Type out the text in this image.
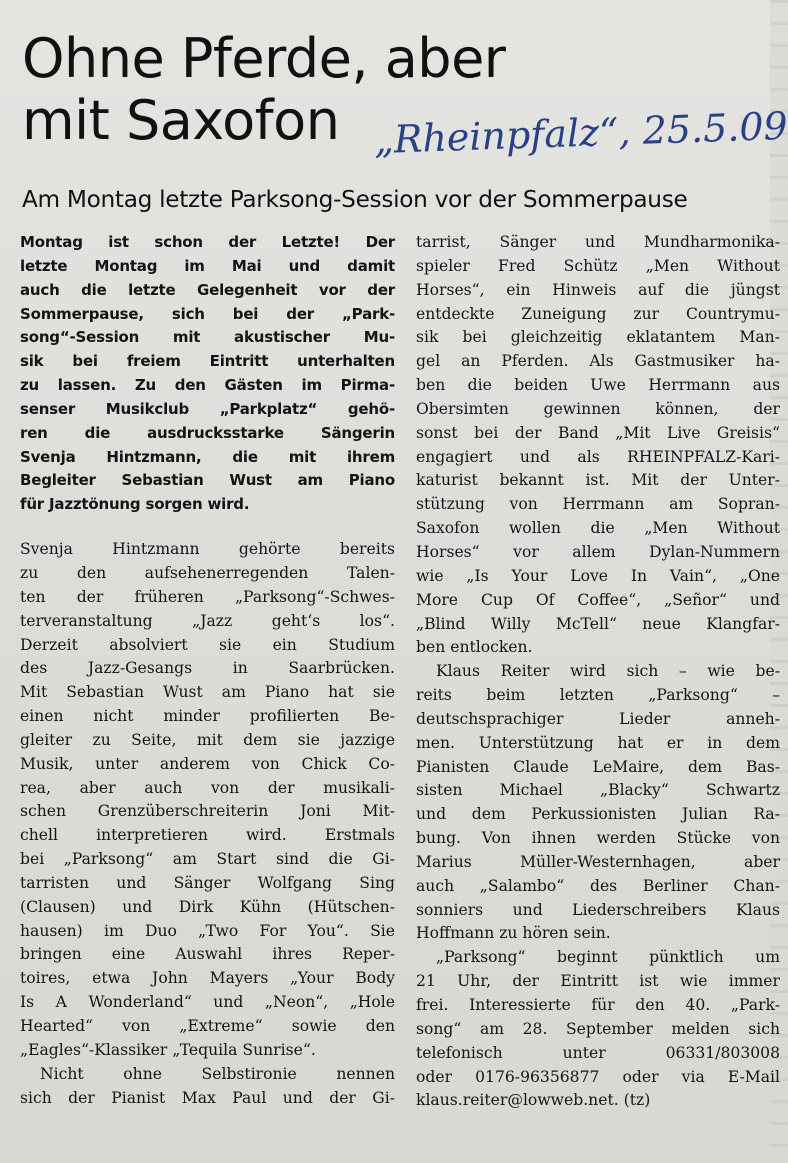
Ohne Pferde, aber
mit Saxofon „Rheinpfalz“, 25.5.09
Am Montag letzte Parksong-Session vor der Sommerpause
Montag ist schon der Letzte! Der
letzte Montag im Mai und damit
auch die letzte Gelegenheit vor der
Sommerpause, sich bei der „Park-
song“-Session mit akustischer Mu-
sik bei freiem Eintritt unterhalten
zu lassen. Zu den Gästen im Pirma-
senser Musikclub „Parkplatz“ gehö-
ren die ausdrucksstarke Sängerin
Svenja Hintzmann, die mit ihrem
Begleiter Sebastian Wust am Piano
für Jazztönung sorgen wird.
Svenja Hintzmann gehörte bereits
zu den aufsehenerregenden Talen-
ten der früheren „Parksong“-Schwes-
terveranstaltung „Jazz geht‘s los“.
Derzeit absolviert sie ein Studium
des Jazz-Gesangs in Saarbrücken.
Mit Sebastian Wust am Piano hat sie
einen nicht minder profilierten Be-
gleiter zu Seite, mit dem sie jazzige
Musik, unter anderem von Chick Co-
rea, aber auch von der musikali-
schen Grenzüberschreiterin Joni Mit-
chell interpretieren wird. Erstmals
bei „Parksong“ am Start sind die Gi-
tarristen und Sänger Wolfgang Sing
(Clausen) und Dirk Kühn (Hütschen-
hausen) im Duo „Two For You“. Sie
bringen eine Auswahl ihres Reper-
toires, etwa John Mayers „Your Body
Is A Wonderland“ und „Neon“, „Hole
Hearted“ von „Extreme“ sowie den
„Eagles“-Klassiker „Tequila Sunrise“.
Nicht ohne Selbstironie nennen
sich der Pianist Max Paul und der Gi-
tarrist, Sänger und Mundharmonika-
spieler Fred Schütz „Men Without
Horses“, ein Hinweis auf die jüngst
entdeckte Zuneigung zur Countrymu-
sik bei gleichzeitig eklatantem Man-
gel an Pferden. Als Gastmusiker ha-
ben die beiden Uwe Herrmann aus
Obersimten gewinnen können, der
sonst bei der Band „Mit Live Greisis“
engagiert und als RHEINPFALZ-Kari-
katurist bekannt ist. Mit der Unter-
stützung von Herrmann am Sopran-
Saxofon wollen die „Men Without
Horses“ vor allem Dylan-Nummern
wie „Is Your Love In Vain“, „One
More Cup Of Coffee“, „Señor“ und
„Blind Willy McTell“ neue Klangfar-
ben entlocken.
Klaus Reiter wird sich – wie be-
reits beim letzten „Parksong“ –
deutschsprachiger Lieder anneh-
men. Unterstützung hat er in dem
Pianisten Claude LeMaire, dem Bas-
sisten Michael „Blacky“ Schwartz
und dem Perkussionisten Julian Ra-
bung. Von ihnen werden Stücke von
Marius Müller-Westernhagen, aber
auch „Salambo“ des Berliner Chan-
sonniers und Liederschreibers Klaus
Hoffmann zu hören sein.
„Parksong“ beginnt pünktlich um
21 Uhr, der Eintritt ist wie immer
frei. Interessierte für den 40. „Park-
song“ am 28. September melden sich
telefonisch unter 06331/803008
oder 0176-96356877 oder via E-Mail
klaus.reiter@lowweb.net. (tz)
